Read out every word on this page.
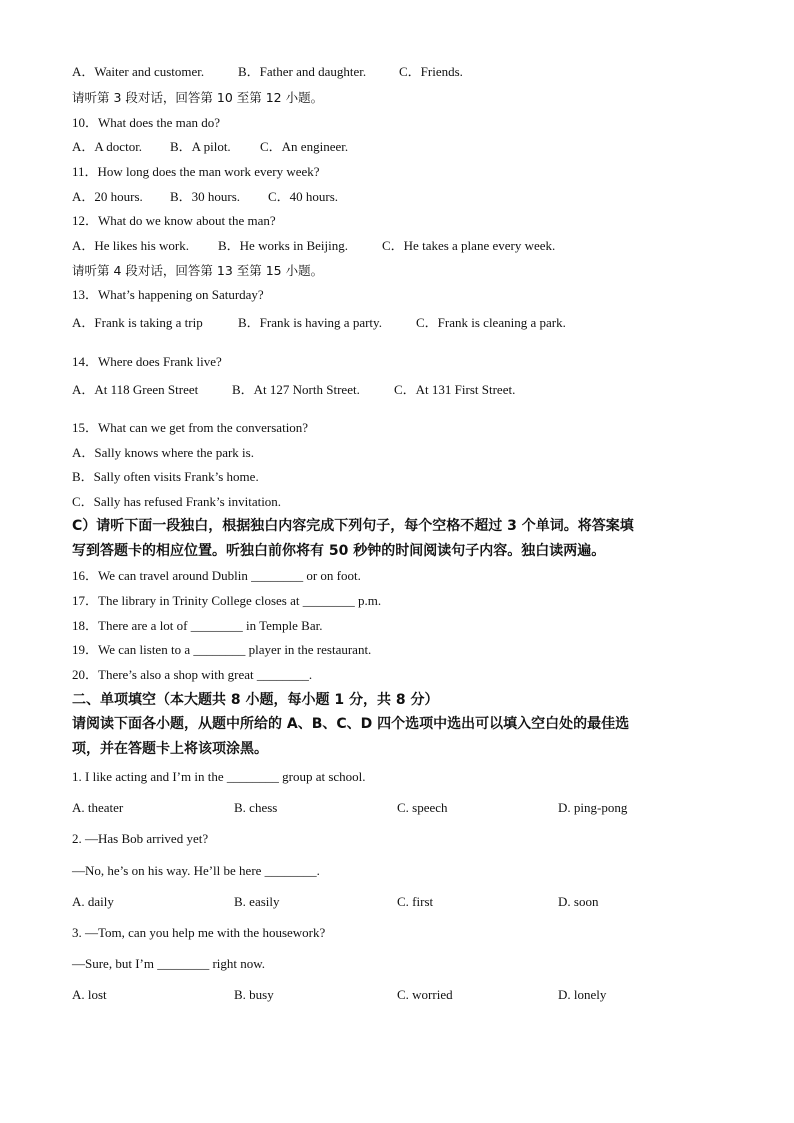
A．Waiter and customer.	B．Father and daughter.	C．Friends.
请听第 3 段对话，回答第 10 至第 12 小题。
10．What does the man do?
A．A doctor. B．A pilot. C．An engineer.
11．How long does the man work every week?
A．20 hours. B．30 hours. C．40 hours.
12．What do we know about the man?
A．He likes his work. B．He works in Beijing.	C．He takes a plane every week.
请听第 4 段对话，回答第 13 至第 15 小题。
13．What’s happening on Saturday?
A．Frank is taking a trip	B．Frank is having a party.	C．Frank is cleaning a park.
14．Where does Frank live?
A．At 118 Green Street	B．At 127 North Street.	C．At 131 First Street.
15．What can we get from the conversation?
A．Sally knows where the park is.
B．Sally often visits Frank’s home.
C．Sally has refused Frank’s invitation.
C）请听下面一段独白，根据独白内容完成下列句子，每个空格不超过 3 个单词。将答案填
写到答题卡的相应位置。听独白前你将有 50 秒钟的时间阅读句子内容。独白读两遍。
16．We can travel around Dublin ________ or on foot.
17．The library in Trinity College closes at ________ p.m.
18．There are a lot of ________ in Temple Bar.
19．We can listen to a ________ player in the restaurant.
20．There’s also a shop with great ________.
二、单项填空（本大题共 8 小题，每小题 1 分，共 8 分）
请阅读下面各小题，从题中所给的 A、B、C、D 四个选项中选出可以填入空白处的最佳选
项，并在答题卡上将该项涂黑。
1. I like acting and I’m in the ________ group at school.
A. theater	B. chess	C. speech	D. ping-pong
2. —Has Bob arrived yet?
—No, he’s on his way. He’ll be here ________.
A. daily	B. easily	C. first	D. soon
3. —Tom, can you help me with the housework?
—Sure, but I’m ________ right now.
A. lost	B. busy	C. worried	D. lonely
